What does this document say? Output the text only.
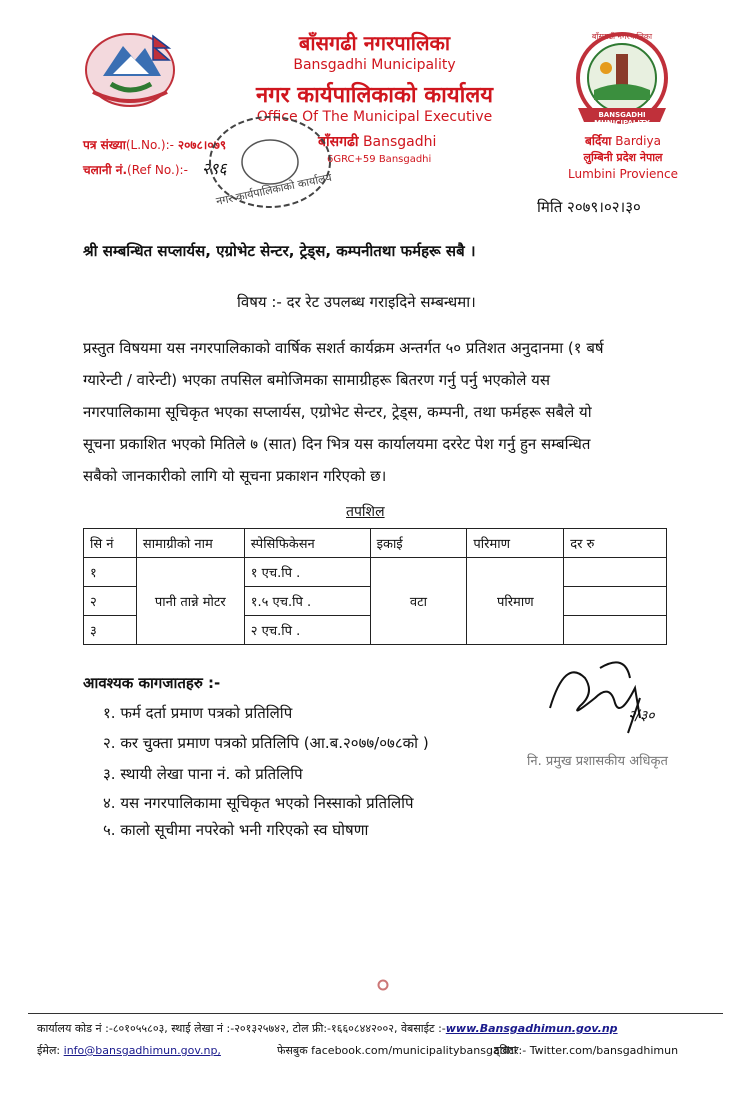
बाँसगढी नगरपालिका
Bansgadhi Municipality
नगर कार्यपालिकाको कार्यालय
Office Of The Municipal Executive
बाँसगढी Bansgadhi
6GRC+59 Bansgadhi
पत्र संख्या(L.No.):- २०७८।०७९
चलानी नं.(Ref No.):- २९६
नगर कार्यपालिकाको कार्यालय
बाँसगढी नगरपालिका
BANSGADHI MUNICIPALITY
बर्दिया Bardiya
लुम्बिनी प्रदेश नेपाल
Lumbini Provience
मिति २०७९।०२।३०
श्री सम्बन्धित सप्लार्यस, एग्रोभेट सेन्टर, ट्रेड्स, कम्पनीतथा फर्महरू सबै ।
विषय :- दर रेट उपलब्ध गराइदिने सम्बन्धमा।
प्रस्तुत विषयमा यस नगरपालिकाको वार्षिक सशर्त कार्यक्रम अन्तर्गत ५० प्रतिशत अनुदानमा (१ बर्ष
ग्यारेन्टी / वारेन्टी) भएका तपसिल बमोजिमका सामाग्रीहरू बितरण गर्नु पर्नु भएकोले यस
नगरपालिकामा सूचिकृत भएका सप्लार्यस, एग्रोभेट सेन्टर, ट्रेड्स, कम्पनी, तथा फर्महरू सबैले यो
सूचना प्रकाशित भएको मितिले ७ (सात) दिन भित्र यस कार्यालयमा दररेट पेश गर्नु हुन सम्बन्धित
सबैको जानकारीको लागि यो सूचना प्रकाशन गरिएको छ।
तपशिल
सि नं	सामाग्रीको नाम	स्पेसिफिकेसन	इकाई	परिमाण	दर रु
१	पानी तान्ने मोटर	१ एच.पि .	वटा	परिमाण	
२		१.५ एच.पि .			
३		२ एच.पि .			
आवश्यक कागजातहरु :-
१. फर्म दर्ता प्रमाण पत्रको प्रतिलिपि
२. कर चुक्ता प्रमाण पत्रको प्रतिलिपि (आ.ब.२०७७/०७८को )
३. स्थायी लेखा पाना नं. को प्रतिलिपि
४. यस नगरपालिकामा सूचिकृत भएको निस्साको प्रतिलिपि
५. कालो सूचीमा नपरेको भनी गरिएको स्व घोषणा
२/३०
नि. प्रमुख प्रशासकीय अधिकृत
कार्यालय कोड नं :-८०१०५५८०३, स्थाई लेखा नं :-२०१३२५७४२, टोल फ्री:-१६६०८४४२००२, वेबसाईट :-www.Bansgadhimun.gov.np
ईमेल: info@bansgadhimun.gov.np,	फेसबुक facebook.com/municipalitybansgadhi
ट्विटर:- Twitter.com/bansgadhimun
